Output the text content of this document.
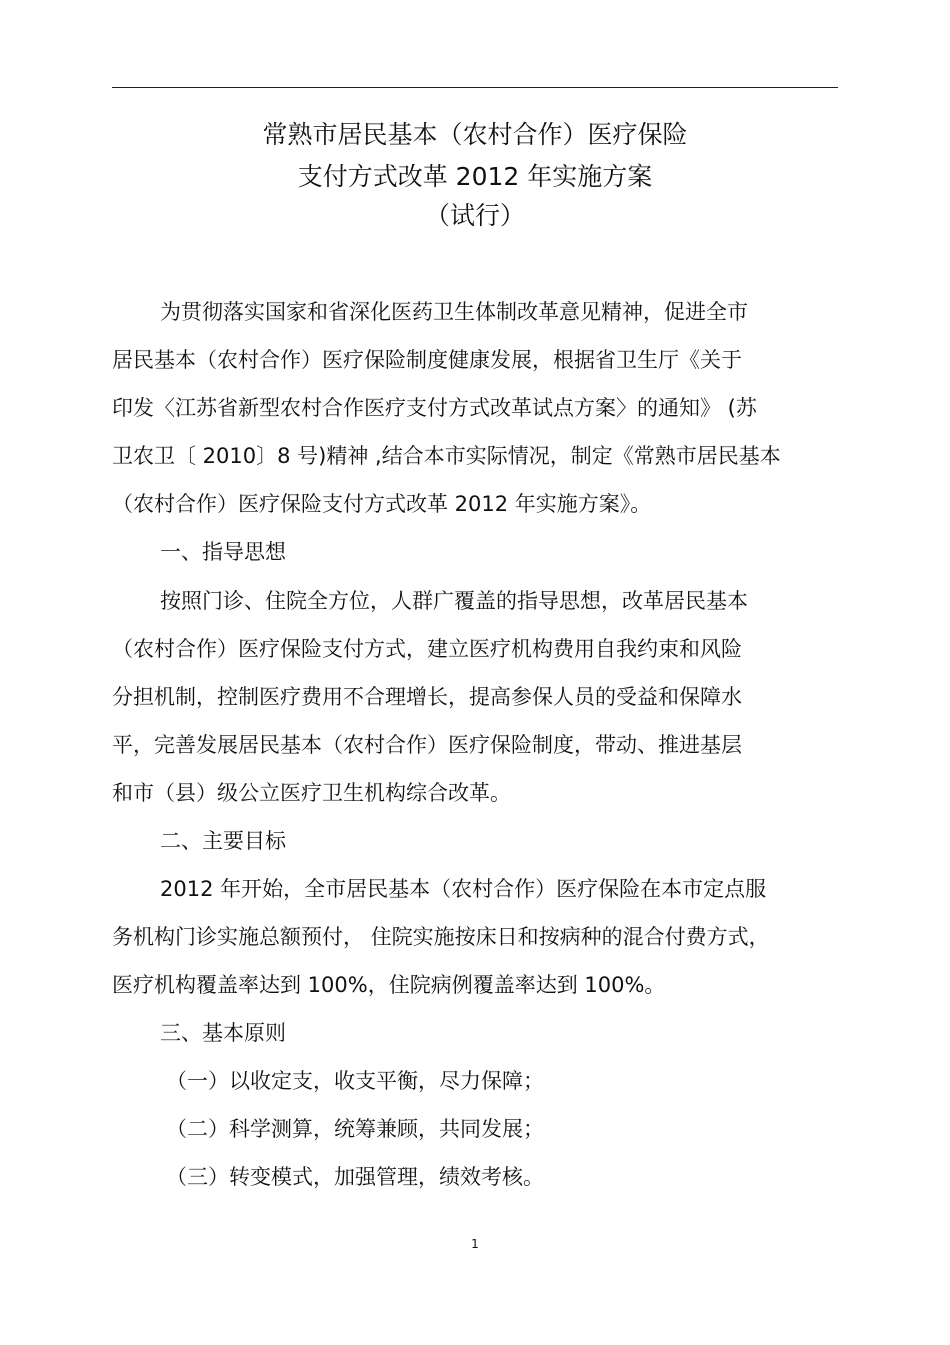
常熟市居民基本（农村合作）医疗保险
支付方式改革 2012 年实施方案
（试行）
为贯彻落实国家和省深化医药卫生体制改革意见精神，促进全市
居民基本（农村合作）医疗保险制度健康发展，根据省卫生厅《关于
印发〈江苏省新型农村合作医疗支付方式改革试点方案〉的通知》 (苏
卫农卫〔 2010〕8 号)精神 ,结合本市实际情况，制定《常熟市居民基本
（农村合作）医疗保险支付方式改革 2012 年实施方案》。
一、指导思想
按照门诊、住院全方位，人群广覆盖的指导思想，改革居民基本
（农村合作）医疗保险支付方式，建立医疗机构费用自我约束和风险
分担机制，控制医疗费用不合理增长，提高参保人员的受益和保障水
平，完善发展居民基本（农村合作）医疗保险制度，带动、推进基层
和市（县）级公立医疗卫生机构综合改革。
二、主要目标
2012 年开始，全市居民基本（农村合作）医疗保险在本市定点服
务机构门诊实施总额预付， 住院实施按床日和按病种的混合付费方式，
医疗机构覆盖率达到 100%，住院病例覆盖率达到 100%。
三、基本原则
（一）以收定支，收支平衡，尽力保障；
（二）科学测算，统筹兼顾，共同发展；
（三）转变模式，加强管理，绩效考核。
1
